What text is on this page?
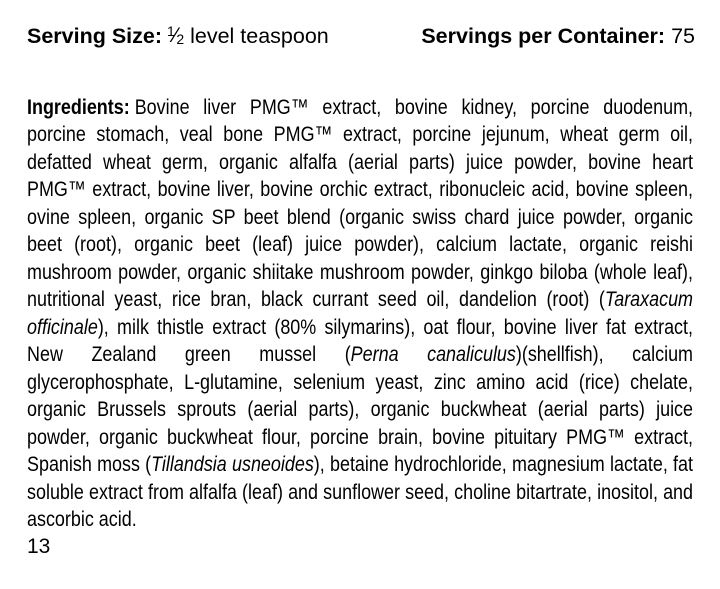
Serving Size: $^1$⁄2 level teaspoon	Servings per Container: 75

Ingredients: Bovine liver PMG™ extract, bovine kidney, porcine duodenum, porcine stomach, veal bone PMG™ extract, porcine jejunum, wheat germ oil, defatted wheat germ, organic alfalfa (aerial parts) juice powder, bovine heart PMG™ extract, bovine liver, bovine orchic extract, ribonucleic acid, bovine spleen, ovine spleen, organic SP beet blend (organic swiss chard juice powder, organic beet (root), organic beet (leaf) juice powder), calcium lactate, organic reishi mushroom powder, organic shiitake mushroom powder, ginkgo biloba (whole leaf), nutritional yeast, rice bran, black currant seed oil, dandelion (root) (Taraxacum officinale), milk thistle extract (80% silymarins), oat flour, bovine liver fat extract, New Zealand green mussel (Perna canaliculus)(shellfish), calcium glycerophosphate, L-glutamine, selenium yeast, zinc amino acid (rice) chelate, organic Brussels sprouts (aerial parts), organic buckwheat (aerial parts) juice powder, organic buckwheat flour, porcine brain, bovine pituitary PMG™ extract, Spanish moss (Tillandsia usneoides), betaine hydrochloride, magnesium lactate, fat soluble extract from alfalfa (leaf) and sunflower seed, choline bitartrate, inositol, and ascorbic acid.

13
